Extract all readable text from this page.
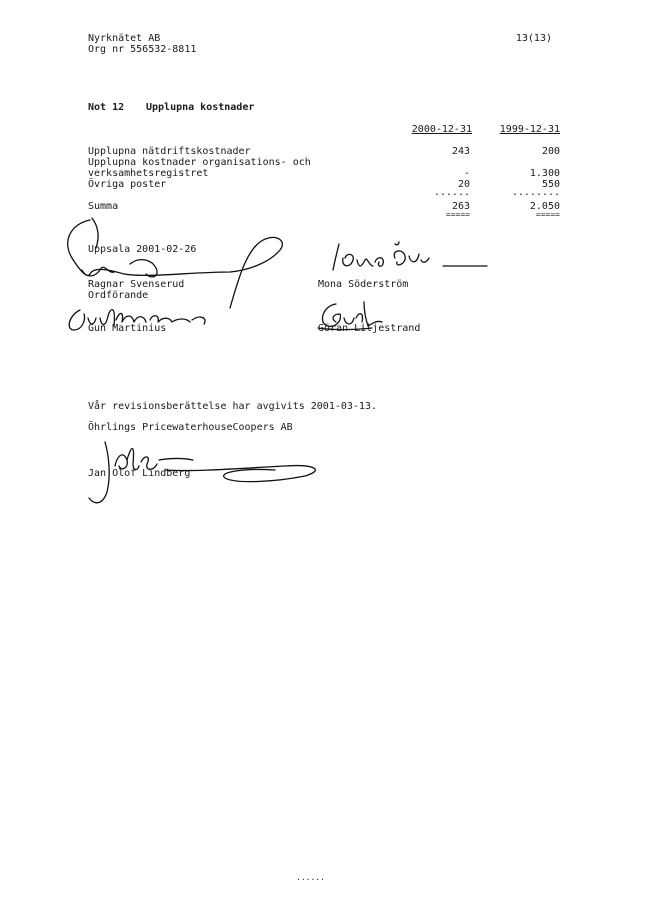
Nyrknätet AB
Org nr 556532-8811
13(13)
Not 12 Upplupna kostnader
2000-12-31	1999-12-31
Upplupna nätdriftskostnader	243	200
Upplupna kostnader organisations- och
verksamhetsregistret	-	1.300
Övriga poster	20	550
......	........
Summa	263	2.050
=====	=====
Uppsala 2001-02-26
Ragnar Svenserud
Ordförande
Mona Söderström
Gun Martinius	Göran Liljestrand
Vår revisionsberättelse har avgivits 2001-03-13.
Öhrlings PricewaterhouseCoopers AB
Jan Olof Lindberg
......
